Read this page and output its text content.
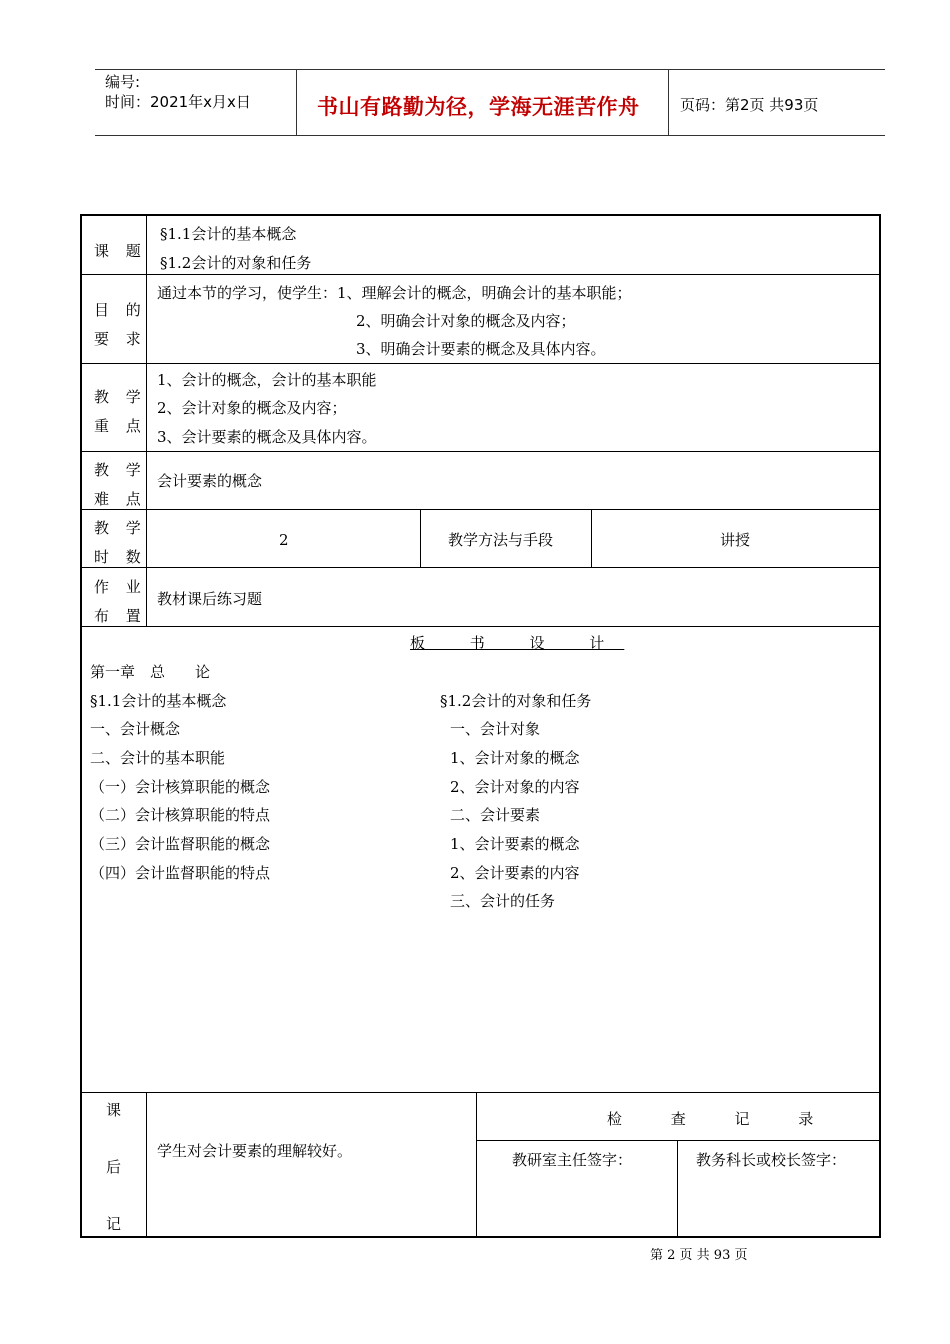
编号:
时间：2021年x月x日	书山有路勤为径，学海无涯苦作舟	页码：第2页 共93页
课 题
§1.1会计的基本概念
§1.2会计的对象和任务
目 的
要 求
通过本节的学习，使学生：1、理解会计的概念，明确会计的基本职能；
2、明确会计对象的概念及内容；
3、明确会计要素的概念及具体内容。
教 学
重 点
1、会计的概念，会计的基本职能
2、会计对象的概念及内容；
3、会计要素的概念及具体内容。
教 学
难 点
会计要素的概念
教 学
时 数
2	教学方法与手段	讲授
作 业
布 置
教材课后练习题
板 书 设 计
第一章　总　　论
§1.1会计的基本概念
一、会计概念
二、会计的基本职能
（一）会计核算职能的概念
（二）会计核算职能的特点
（三）会计监督职能的概念
（四）会计监督职能的特点
§1.2会计的对象和任务
一、会计对象
1、会计对象的概念
2、会计对象的内容
二、会计要素
1、会计要素的概念
2、会计要素的内容
三、会计的任务
课
后
记
学生对会计要素的理解较好。
检 查 记 录
教研室主任签字：	教务科长或校长签字：
第 2 页 共 93 页
